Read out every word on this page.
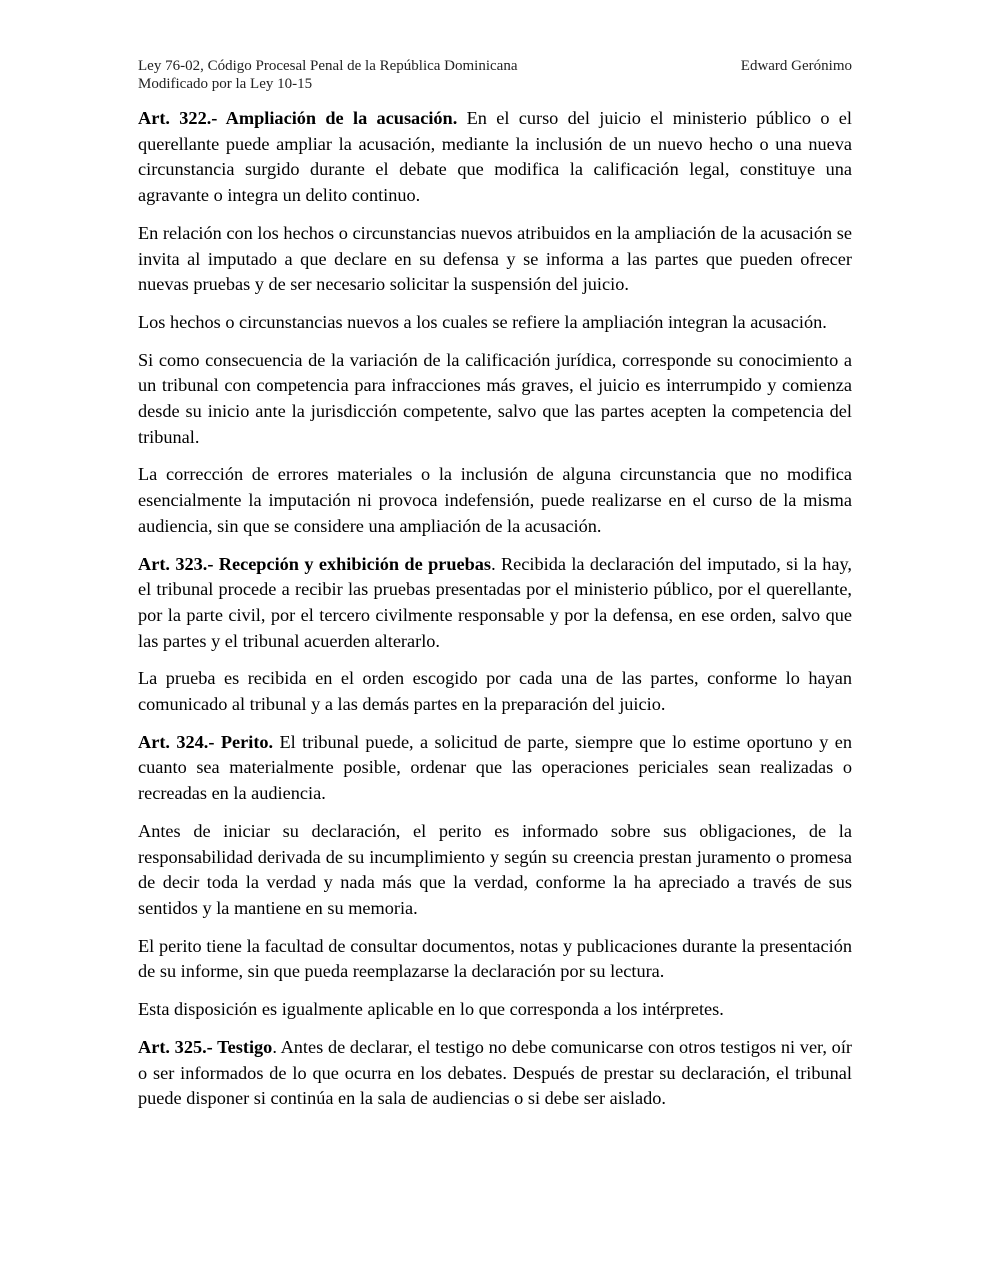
Ley 76-02, Código Procesal Penal de la República Dominicana	Edward Gerónimo
Modificado por la Ley 10-15

Art. 322.- Ampliación de la acusación. En el curso del juicio el ministerio público o el querellante puede ampliar la acusación, mediante la inclusión de un nuevo hecho o una nueva circunstancia surgido durante el debate que modifica la calificación legal, constituye una agravante o integra un delito continuo.

En relación con los hechos o circunstancias nuevos atribuidos en la ampliación de la acusación se invita al imputado a que declare en su defensa y se informa a las partes que pueden ofrecer nuevas pruebas y de ser necesario solicitar la suspensión del juicio.

Los hechos o circunstancias nuevos a los cuales se refiere la ampliación integran la acusación.

Si como consecuencia de la variación de la calificación jurídica, corresponde su conocimiento a un tribunal con competencia para infracciones más graves, el juicio es interrumpido y comienza desde su inicio ante la jurisdicción competente, salvo que las partes acepten la competencia del tribunal.

La corrección de errores materiales o la inclusión de alguna circunstancia que no modifica esencialmente la imputación ni provoca indefensión, puede realizarse en el curso de la misma audiencia, sin que se considere una ampliación de la acusación.

Art. 323.- Recepción y exhibición de pruebas. Recibida la declaración del imputado, si la hay, el tribunal procede a recibir las pruebas presentadas por el ministerio público, por el querellante, por la parte civil, por el tercero civilmente responsable y por la defensa, en ese orden, salvo que las partes y el tribunal acuerden alterarlo.

La prueba es recibida en el orden escogido por cada una de las partes, conforme lo hayan comunicado al tribunal y a las demás partes en la preparación del juicio.

Art. 324.- Perito. El tribunal puede, a solicitud de parte, siempre que lo estime oportuno y en cuanto sea materialmente posible, ordenar que las operaciones periciales sean realizadas o recreadas en la audiencia.

Antes de iniciar su declaración, el perito es informado sobre sus obligaciones, de la responsabilidad derivada de su incumplimiento y según su creencia prestan juramento o promesa de decir toda la verdad y nada más que la verdad, conforme la ha apreciado a través de sus sentidos y la mantiene en su memoria.

El perito tiene la facultad de consultar documentos, notas y publicaciones durante la presentación de su informe, sin que pueda reemplazarse la declaración por su lectura.

Esta disposición es igualmente aplicable en lo que corresponda a los intérpretes.

Art. 325.- Testigo. Antes de declarar, el testigo no debe comunicarse con otros testigos ni ver, oír o ser informados de lo que ocurra en los debates. Después de prestar su declaración, el tribunal puede disponer si continúa en la sala de audiencias o si debe ser aislado.
